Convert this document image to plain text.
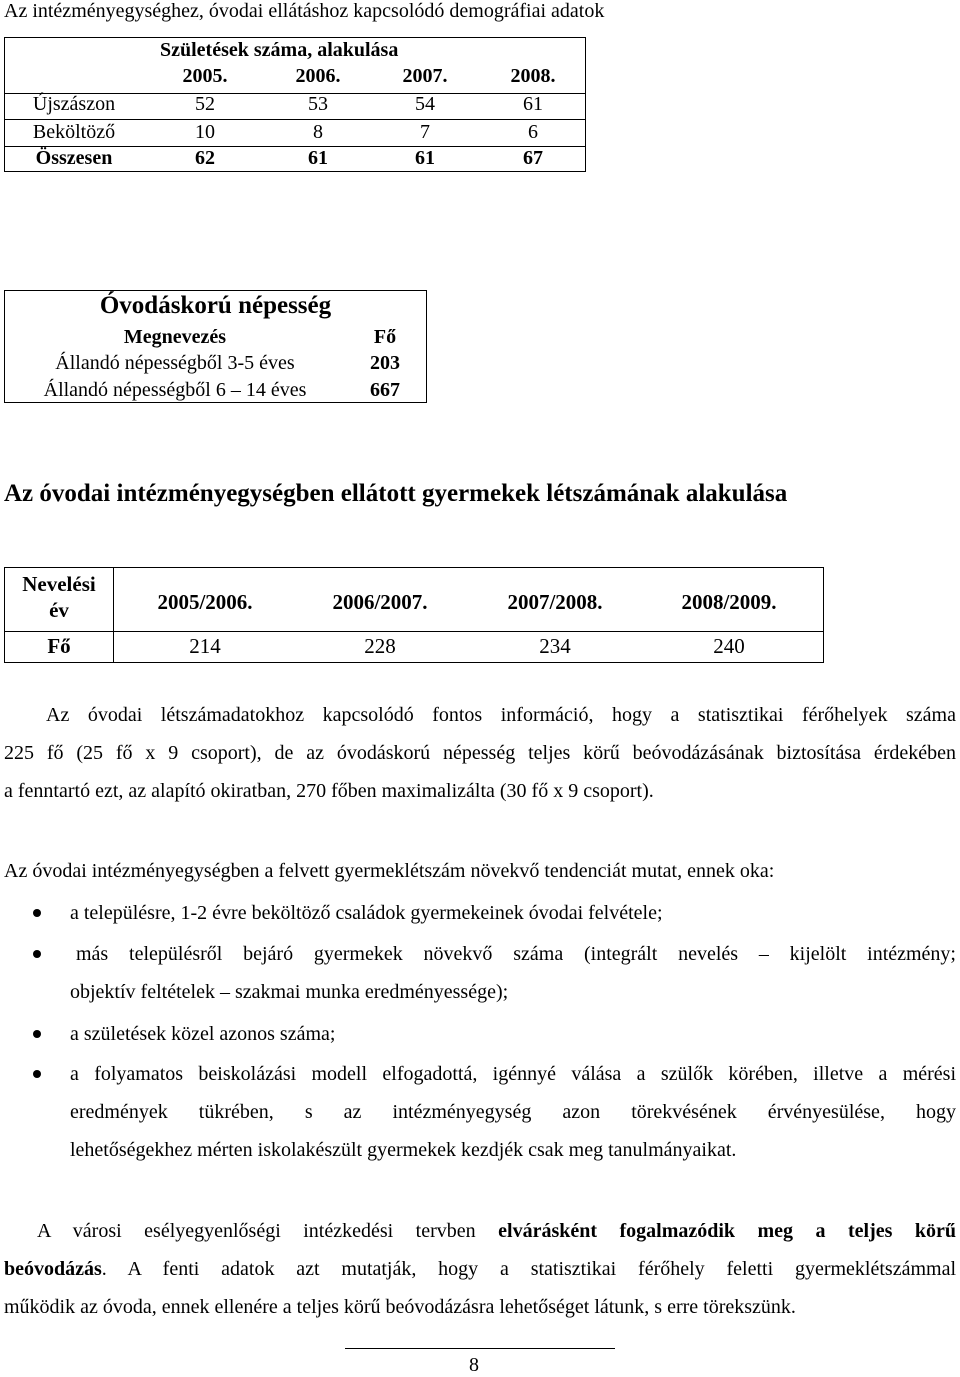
Az intézményegységhez, óvodai ellátáshoz kapcsolódó demográfiai adatok
Születések száma, alakulása
2005.	2006.	2007.	2008.
Újszászon	52	53	54	61
Beköltöző	10	8	7	6
Összesen	62	61	61	67
Óvodáskorú népesség
Megnevezés	Fő
Állandó népességből 3-5 éves	203
Állandó népességből 6 – 14 éves	667
Az óvodai intézményegységben ellátott gyermekek létszámának alakulása
Nevelési
év	2005/2006.	2006/2007.	2007/2008.	2008/2009.
Fő	214	228	234	240
Az óvodai létszámadatokhoz kapcsolódó fontos információ, hogy a statisztikai férőhelyek száma
225 fő (25 fő x 9 csoport), de az óvodáskorú népesség teljes körű beóvodázásának biztosítása érdekében
a fenntartó ezt, az alapító okiratban, 270 főben maximalizálta (30 fő x 9 csoport).
Az óvodai intézményegységben a felvett gyermeklétszám növekvő tendenciát mutat, ennek oka:
a településre, 1-2 évre beköltöző családok gyermekeinek óvodai felvétele;
más településről bejáró gyermekek növekvő száma (integrált nevelés – kijelölt intézmény;
objektív feltételek – szakmai munka eredményessége);
a születések közel azonos száma;
a folyamatos beiskolázási modell elfogadottá, igénnyé válása a szülők körében, illetve a mérési
eredmények tükrében, s az intézményegység azon törekvésének érvényesülése, hogy
lehetőségekhez mérten iskolakészült gyermekek kezdjék csak meg tanulmányaikat.
A városi esélyegyenlőségi intézkedési tervben elvárásként fogalmazódik meg a teljes körű
beóvodázás. A fenti adatok azt mutatják, hogy a statisztikai férőhely feletti gyermeklétszámmal
működik az óvoda, ennek ellenére a teljes körű beóvodázásra lehetőséget látunk, s erre törekszünk.
8
